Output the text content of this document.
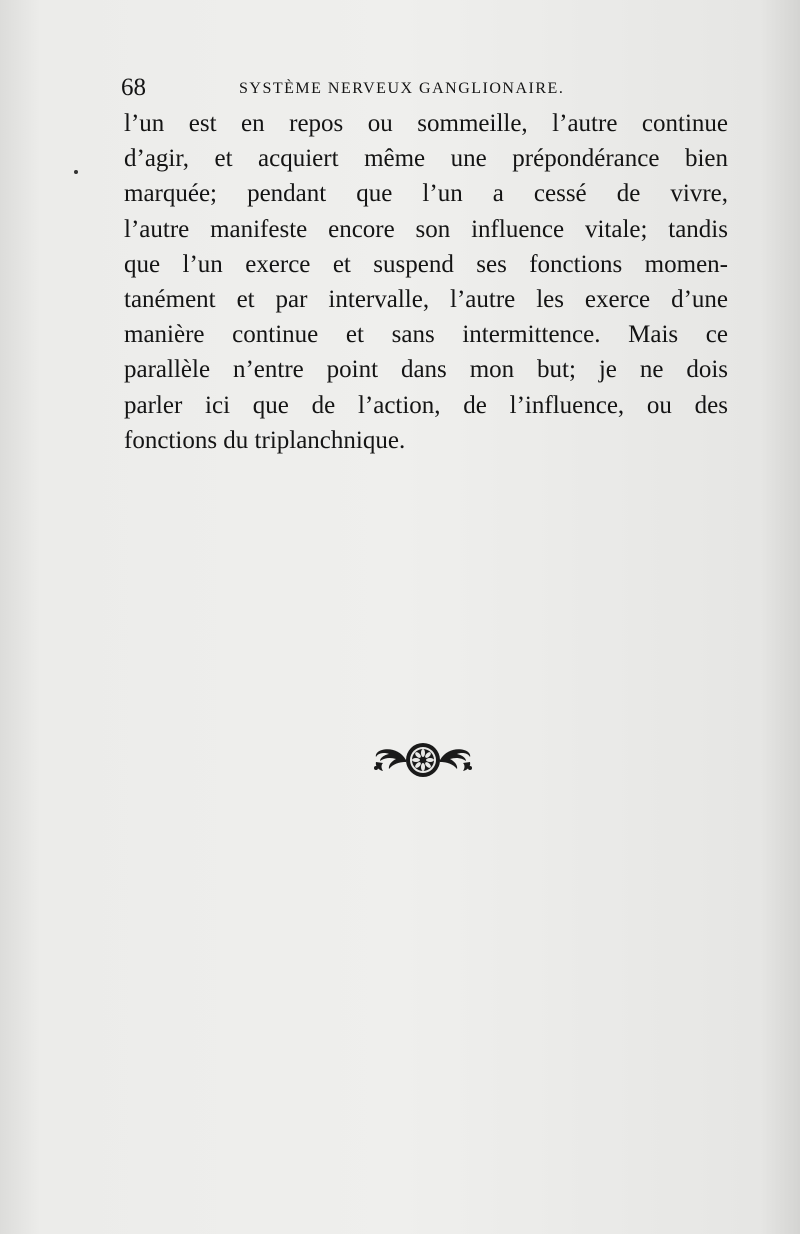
68	SYSTÈME NERVEUX GANGLIONAIRE.
l’un est en repos ou sommeille, l’autre continue
d’agir, et acquiert même une prépondérance bien
marquée; pendant que l’un a cessé de vivre,
l’autre manifeste encore son influence vitale; tandis
que l’un exerce et suspend ses fonctions momen-
tanément et par intervalle, l’autre les exerce d’une
manière continue et sans intermittence. Mais ce
parallèle n’entre point dans mon but; je ne dois
parler ici que de l’action, de l’influence, ou des
fonctions du triplanchnique.
